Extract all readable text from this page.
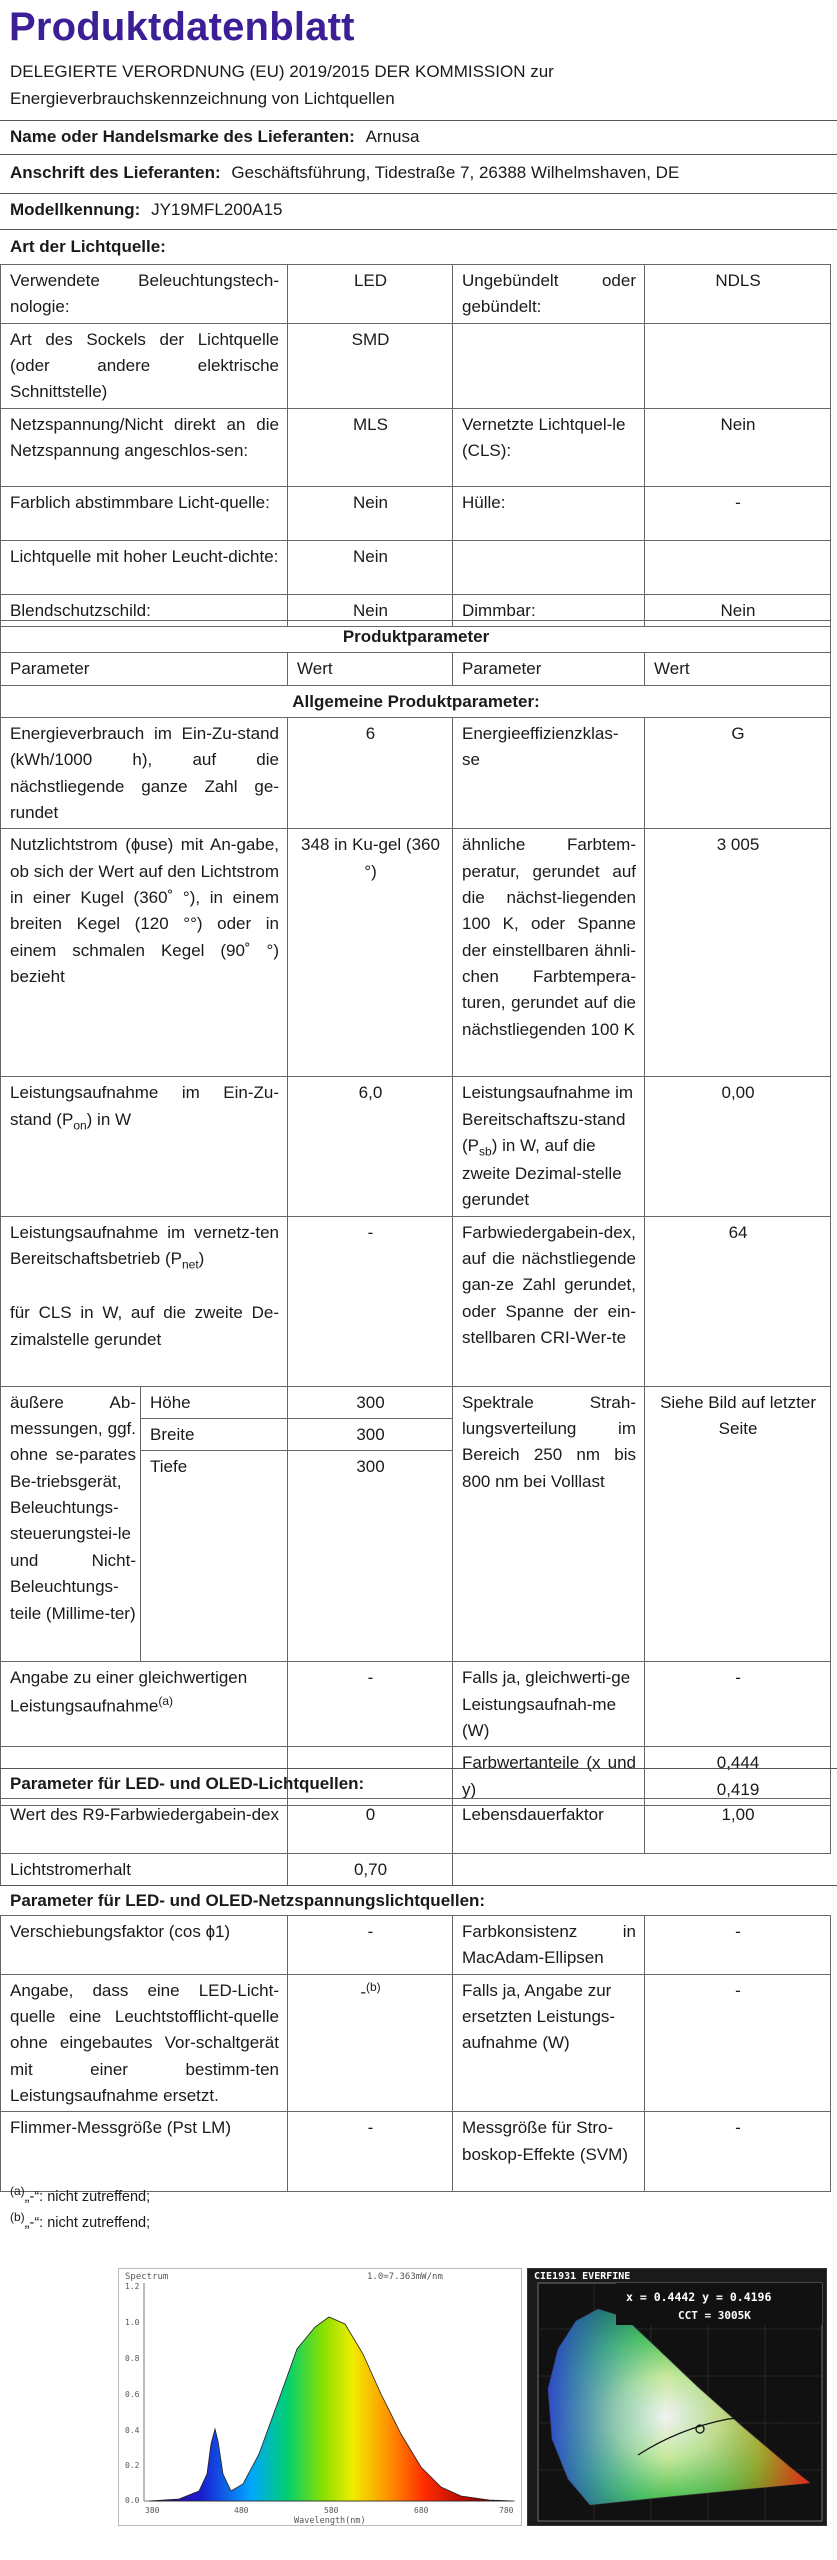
Produktdatenblatt
DELEGIERTE VERORDNUNG (EU) 2019/2015 DER KOMMISSION zur Energieverbrauchskennzeichnung von Lichtquellen
Name oder Handelsmarke des Lieferanten: Arnusa
Anschrift des Lieferanten: Geschäftsführung, Tidestraße 7, 26388 Wilhelmshaven, DE
Modellkennung: JY19MFL200A15
Art der Lichtquelle:
Verwendete Beleuchtungstech-nologie:	LED	Ungebündelt oder gebündelt:	NDLS
Art des Sockels der Lichtquelle (oder andere elektrische Schnittstelle)	SMD		
Netzspannung/Nicht direkt an die Netzspannung angeschlos-sen:	MLS	Vernetzte Lichtquel-le (CLS):	Nein
Farblich abstimmbare Licht-quelle:	Nein	Hülle:	-
Lichtquelle mit hoher Leucht-dichte:	Nein		
Blendschutzschild:	Nein	Dimmbar:	Nein
Produktparameter				
Parameter		Wert	Parameter	Wert
Allgemeine Produktparameter:				
Energieverbrauch im Ein-Zu-stand (kWh/1000 h), auf die nächstliegende ganze Zahl ge-rundet		6	Energieeffizienzklas-se	G
Nutzlichtstrom (ɸuse) mit An-gabe, ob sich der Wert auf den Lichtstrom in einer Kugel (360˚ °), in einem breiten Kegel (120 °°) oder in einem schmalen Kegel (90˚ °) bezieht		348 in Ku-gel (360 °)	ähnliche Farbtem-peratur, gerundet auf die nächst-liegenden 100 K, oder Spanne der einstellbaren ähnli-chen Farbtempera-turen, gerundet auf die nächstliegenden 100 K	3 005
Leistungsaufnahme im Ein-Zu-stand $(P_{on})$ in W		6,0	Leistungsaufnahme im Bereitschaftszu-stand $(P_{sb})$ in W, auf die zweite Dezimal-stelle gerundet	0,00
Leistungsaufnahme im vernetz-ten Bereitschaftsbetrieb $(P_{net})$

für CLS in W, auf die zweite De-zimalstelle gerundet		-	Farbwiedergabein-dex, auf die nächstliegende gan-ze Zahl gerundet, oder Spanne der ein-stellbaren CRI-Wer-te	64
äußere Ab-messungen, ggf. ohne se-parates Be-triebsgerät, Beleuchtungs-steuerungstei-le und Nicht-Beleuchtungs-teile (Millime-ter)	Höhe	300	Spektrale Strah-lungsverteilung im Bereich 250 nm bis 800 nm bei Volllast	Siehe Bild auf letzter Seite
	Breite	300		
	Tiefe	300		
Angabe zu einer gleichwertigen Leistungsaufnahme$^{(a)}$		-	Falls ja, gleichwerti-ge Leistungsaufnah-me (W)	-
			Farbwertanteile (x und y)	0,444
0,419
Parameter für LED- und OLED-Lichtquellen:
Wert des R9-Farbwiedergabein-dex	0	Lebensdauerfaktor	1,00
Lichtstromerhalt	0,70		
Parameter für LED- und OLED-Netzspannungslichtquellen:
Verschiebungsfaktor (cos ɸ1)	-	Farbkonsistenz in MacAdam-Ellipsen	-
Angabe, dass eine LED-Licht-quelle eine Leuchtstofflicht-quelle ohne eingebautes Vor-schaltgerät mit einer bestimm-ten Leistungsaufnahme ersetzt.	-$^{(b)}$	Falls ja, Angabe zur ersetzten Leistungs-aufnahme (W)	-
Flimmer-Messgröße (Pst LM)	-	Messgröße für Stro-boskop-Effekte (SVM)	-
$^{(a)}$„-“: nicht zutreffend;
$^{(b)}$„-“: nicht zutreffend;
Spectrum	1.0=7.363mW/nm
1.2
1.0
0.8
0.6
0.4
0.2
0.0
380	480	580	680	780
Wavelength(nm)
CIE1931 EVERFINE
x = 0.4442 y = 0.4196
CCT = 3005K
